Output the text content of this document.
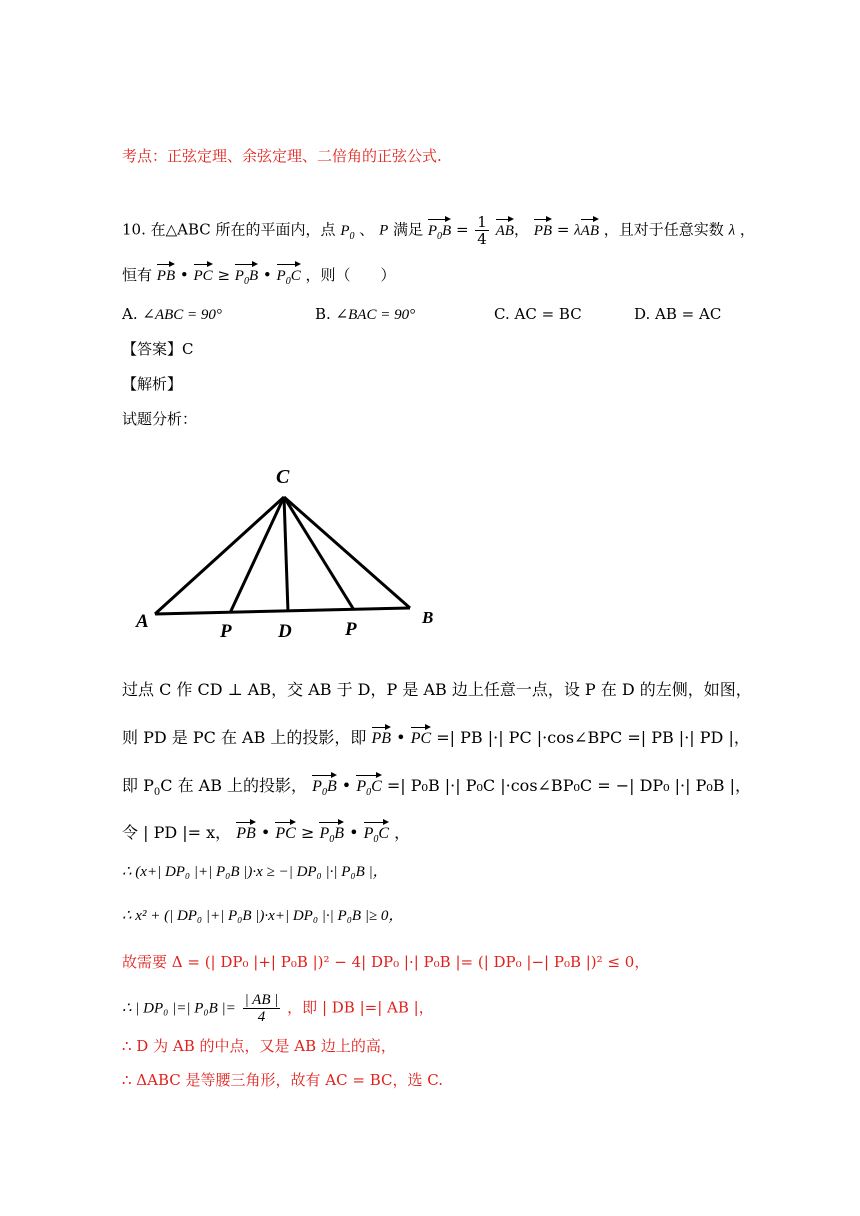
考点：正弦定理、余弦定理、二倍角的正弦公式.
10. 在△ABC 所在的平面内，点 $P_0$ 、 P 满足 $P_0B = \frac{1}{4}$ AB， PB = λAB ，且对于任意实数 λ ，
恒有 PB • PC ≥ $P_0B$ • $P_0C$ ，则（　　）
A. ∠ABC = 90°	B. ∠BAC = 90°	C. AC = BC	D. AB = AC
【答案】C
【解析】
试题分析：
C
A	P D	P
B
过点 C 作 CD ⊥ AB，交 AB 于 D，P 是 AB 边上任意一点，设 P 在 D 的左侧，如图，
则 PD 是 PC 在 AB 上的投影，即 PB • PC =| PB |·| PC |·cos∠BPC =| PB |·| PD |，
即 $P_0C$ 在 AB 上的投影， $P_0B$ • $P_0C$ =| P₀B |·| P₀C |·cos∠BP₀C = −| DP₀ |·| P₀B |，
令 | PD |= x， PB • PC ≥ $P_0B$ • $P_0C$ ，
∴ (x+| DP₀ |+| P₀B |)·x ≥ −| DP₀ |·| P₀B |，
∴ x² + (| DP₀ |+| P₀B |)·x+| DP₀ |·| P₀B |≥ 0，
故需要 Δ = (| DP₀ |+| P₀B |)² − 4| DP₀ |·| P₀B |= (| DP₀ |−| P₀B |)² ≤ 0，
∴ | DP₀ |=| P₀B |= $\frac{| AB |}{4}$ ，即 | DB |=| AB |，
∴ D 为 AB 的中点，又是 AB 边上的高，
∴ ΔABC 是等腰三角形，故有 AC = BC，选 C.
